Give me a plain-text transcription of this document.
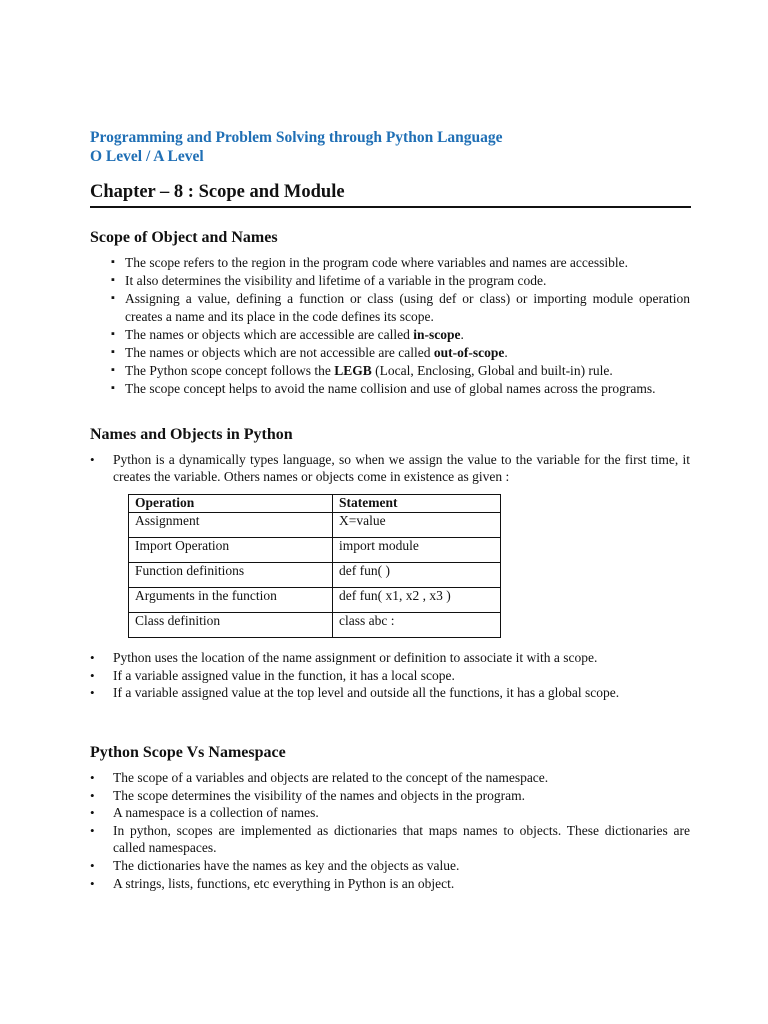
Programming and Problem Solving through Python Language
O Level / A Level
Chapter – 8 : Scope and Module
Scope of Object and Names
▪ The scope refers to the region in the program code where variables and names are accessible.
▪ It also determines the visibility and lifetime of a variable in the program code.
▪ Assigning a value, defining a function or class (using def or class) or importing module operation creates a name and its place in the code defines its scope.
▪ The names or objects which are accessible are called in-scope.
▪ The names or objects which are not accessible are called out-of-scope.
▪ The Python scope concept follows the LEGB (Local, Enclosing, Global and built-in) rule.
▪ The scope concept helps to avoid the name collision and use of global names across the programs.
Names and Objects in Python
• Python is a dynamically types language, so when we assign the value to the variable for the first time, it creates the variable. Others names or objects come in existence as given :
Operation	Statement
Assignment	X=value
Import Operation	import module
Function definitions	def fun( )
Arguments in the function	def fun( x1, x2 , x3 )
Class definition	class abc :
• Python uses the location of the name assignment or definition to associate it with a scope.
• If a variable assigned value in the function, it has a local scope.
• If a variable assigned value at the top level and outside all the functions, it has a global scope.
Python Scope Vs Namespace
• The scope of a variables and objects are related to the concept of the namespace.
• The scope determines the visibility of the names and objects in the program.
• A namespace is a collection of names.
• In python, scopes are implemented as dictionaries that maps names to objects. These dictionaries are called namespaces.
• The dictionaries have the names as key and the objects as value.
• A strings, lists, functions, etc everything in Python is an object.
